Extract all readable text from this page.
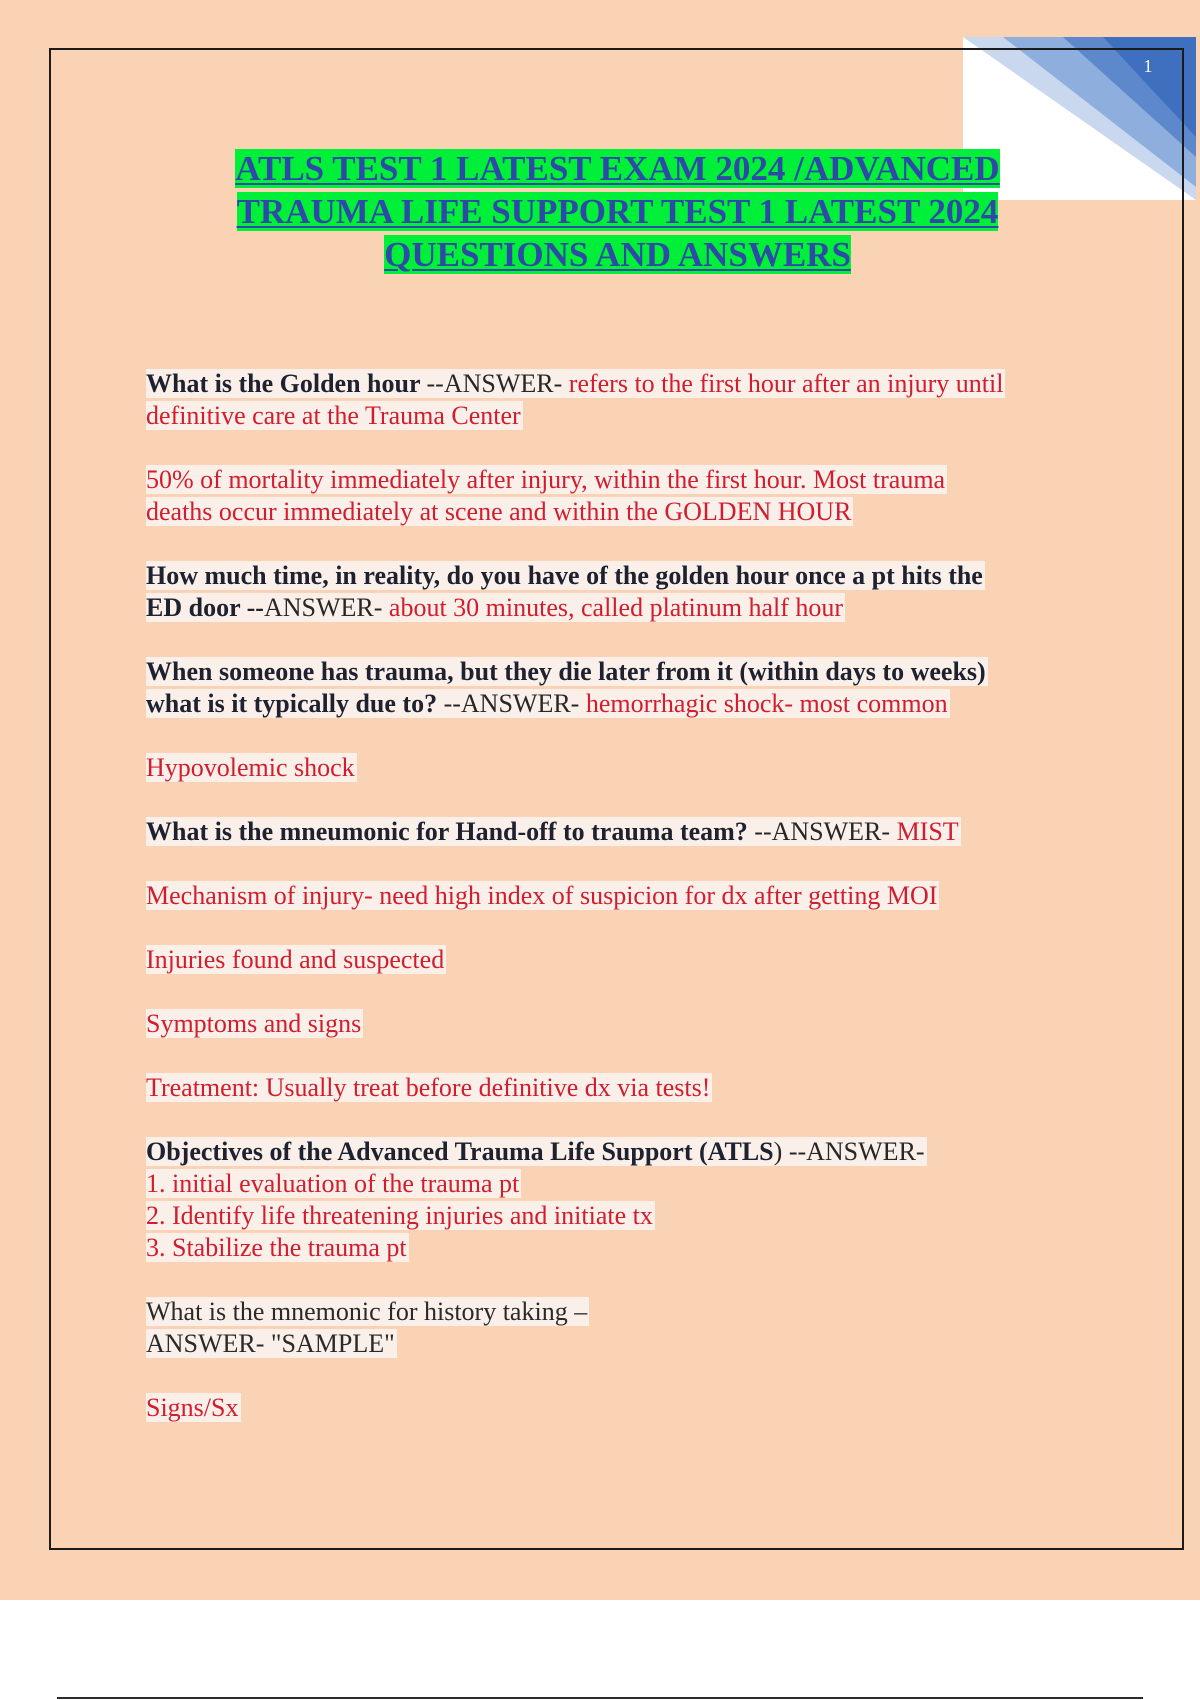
1
ATLS TEST 1 LATEST EXAM 2024 /ADVANCED
TRAUMA LIFE SUPPORT TEST 1 LATEST 2024
QUESTIONS AND ANSWERS
What is the Golden hour --ANSWER- refers to the first hour after an injury until
definitive care at the Trauma Center
50% of mortality immediately after injury, within the first hour. Most trauma
deaths occur immediately at scene and within the GOLDEN HOUR
How much time, in reality, do you have of the golden hour once a pt hits the
ED door --ANSWER- about 30 minutes, called platinum half hour
When someone has trauma, but they die later from it (within days to weeks)
what is it typically due to? --ANSWER- hemorrhagic shock- most common
Hypovolemic shock
What is the mneumonic for Hand-off to trauma team? --ANSWER- MIST
Mechanism of injury- need high index of suspicion for dx after getting MOI
Injuries found and suspected
Symptoms and signs
Treatment: Usually treat before definitive dx via tests!
Objectives of the Advanced Trauma Life Support (ATLS) --ANSWER-
1. initial evaluation of the trauma pt
2. Identify life threatening injuries and initiate tx
3. Stabilize the trauma pt
What is the mnemonic for history taking –
ANSWER- "SAMPLE"
Signs/Sx
